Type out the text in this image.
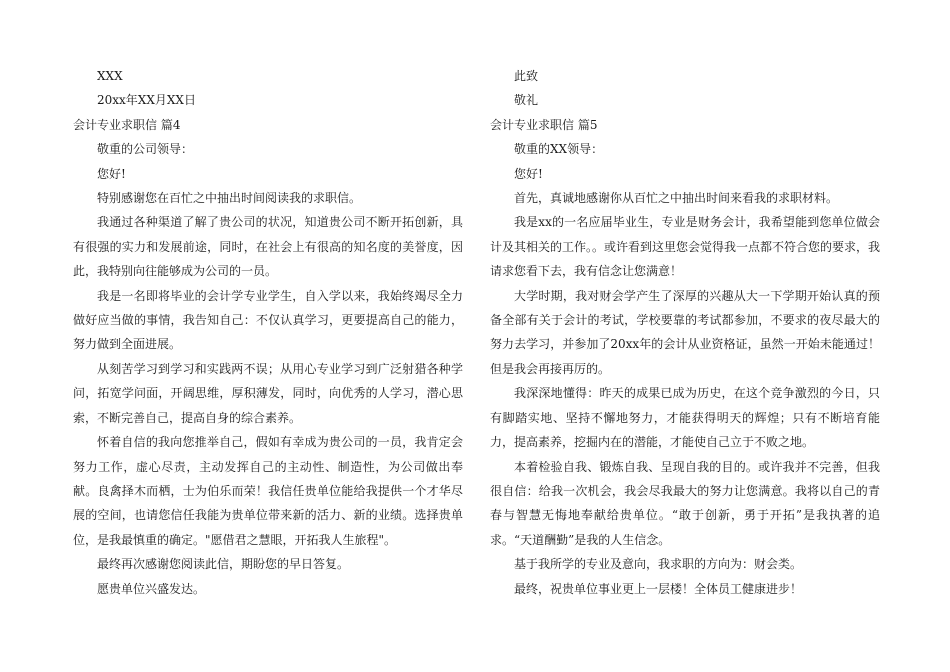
XXX

20xx年XX月XX日

会计专业求职信 篇4

敬重的公司领导：

您好!

特别感谢您在百忙之中抽出时间阅读我的求职信。

我通过各种渠道了解了贵公司的状况，知道贵公司不断开拓创新，具有很强的实力和发展前途，同时，在社会上有很高的知名度的美誉度，因此，我特别向往能够成为公司的一员。

我是一名即将毕业的会计学专业学生，自入学以来，我始终竭尽全力做好应当做的事情，我告知自己：不仅认真学习，更要提高自己的能力，努力做到全面进展。

从刻苦学习到学习和实践两不误；从用心专业学习到广泛射猎各种学问，拓宽学问面，开阔思维，厚积薄发，同时，向优秀的人学习，潜心思索，不断完善自己，提高自身的综合素养。

怀着自信的我向您推举自己，假如有幸成为贵公司的一员，我肯定会努力工作，虚心尽责，主动发挥自己的主动性、制造性，为公司做出奉献。良禽择木而栖，士为伯乐而荣！我信任贵单位能给我提供一个才华尽展的空间，也请您信任我能为贵单位带来新的活力、新的业绩。选择贵单位，是我最慎重的确定。"愿借君之慧眼，开拓我人生旅程"。

最终再次感谢您阅读此信，期盼您的早日答复。

愿贵单位兴盛发达。

此致

敬礼

会计专业求职信 篇5

敬重的XX领导：

您好!

首先，真诚地感谢你从百忙之中抽出时间来看我的求职材料。

我是xx的一名应届毕业生，专业是财务会计，我希望能到您单位做会计及其相关的工作。。或许看到这里您会觉得我一点都不符合您的要求，我请求您看下去，我有信念让您满意！

大学时期，我对财会学产生了深厚的兴趣从大一下学期开始认真的预备全部有关于会计的考试，学校要靠的考试都参加，不要求的夜尽最大的努力去学习，并参加了20xx年的会计从业资格证，虽然一开始未能通过！但是我会再接再厉的。

我深深地懂得：昨天的成果已成为历史，在这个竞争激烈的今日，只有脚踏实地、坚持不懈地努力，才能获得明天的辉煌；只有不断培育能力，提高素养，挖掘内在的潜能，才能使自己立于不败之地。

本着检验自我、锻炼自我、呈现自我的目的。或许我并不完善，但我很自信：给我一次机会，我会尽我最大的努力让您满意。我将以自己的青春与智慧无悔地奉献给贵单位。“敢于创新，勇于开拓”是我执著的追求。“天道酬勤”是我的人生信念。

基于我所学的专业及意向，我求职的方向为：财会类。

最终，祝贵单位事业更上一层楼！全体员工健康进步！
